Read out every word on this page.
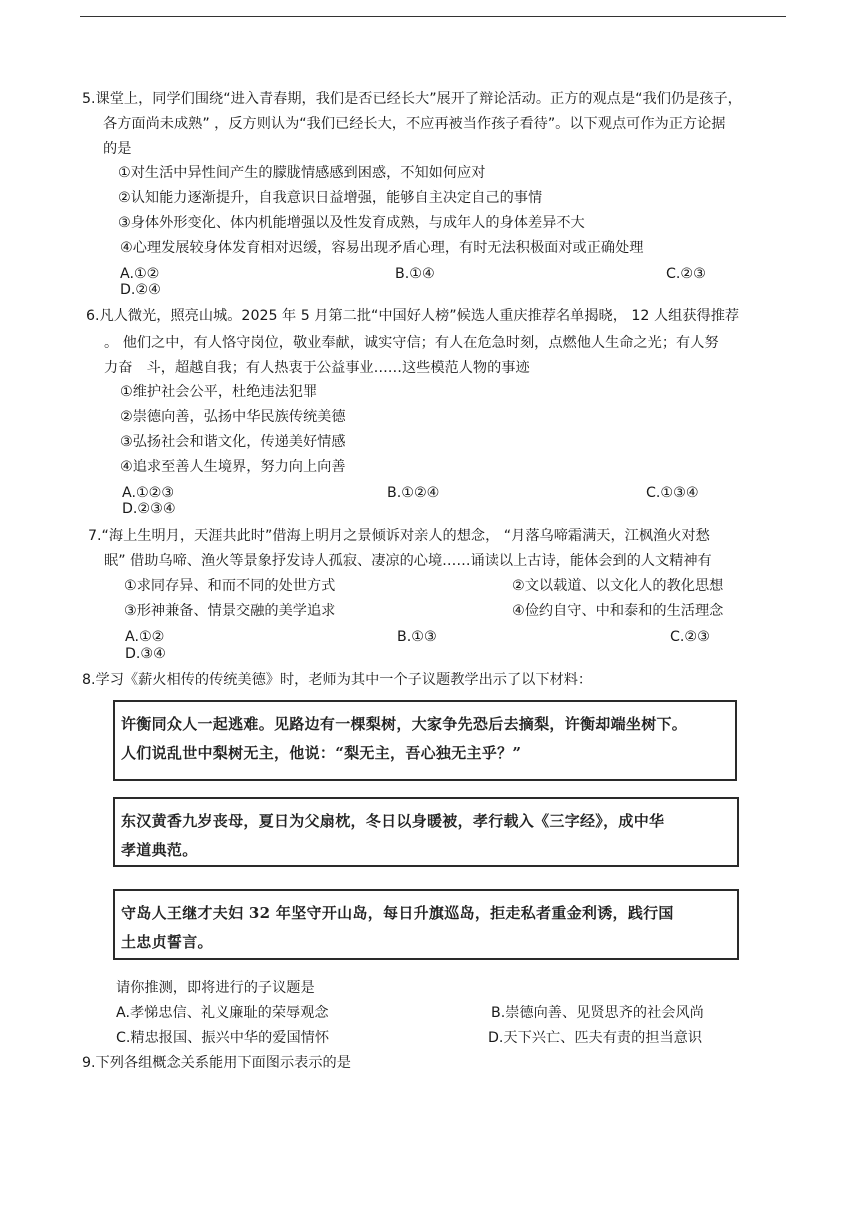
5.课堂上，同学们围绕“进入青春期，我们是否已经长大”展开了辩论活动。正方的观点是“我们仍是孩子，
各方面尚未成熟” ，反方则认为“我们已经长大，不应再被当作孩子看待”。以下观点可作为正方论据
的是
①对生活中异性间产生的朦胧情感感到困惑，不知如何应对
②认知能力逐渐提升，自我意识日益增强，能够自主决定自己的事情
③身体外形变化、体内机能增强以及性发育成熟，与成年人的身体差异不大
④心理发展较身体发育相对迟缓，容易出现矛盾心理，有时无法积极面对或正确处理
A.①②	B.①④	C.②③
D.②④
6.凡人微光，照亮山城。2025 年 5 月第二批“中国好人榜”候选人重庆推荐名单揭晓， 12 人组获得推荐
。 他们之中，有人恪守岗位，敬业奉献，诚实守信；有人在危急时刻，点燃他人生命之光；有人努
力奋　斗，超越自我；有人热衷于公益事业……这些模范人物的事迹
①维护社会公平，杜绝违法犯罪
②崇德向善，弘扬中华民族传统美德
③弘扬社会和谐文化，传递美好情感
④追求至善人生境界，努力向上向善
A.①②③	B.①②④	C.①③④
D.②③④
7.“海上生明月，天涯共此时”借海上明月之景倾诉对亲人的想念， “月落乌啼霜满天，江枫渔火对愁
眠” 借助乌啼、渔火等景象抒发诗人孤寂、凄凉的心境……诵读以上古诗，能体会到的人文精神有
①求同存异、和而不同的处世方式	②文以载道、以文化人的教化思想
③形神兼备、情景交融的美学追求	④俭约自守、中和泰和的生活理念
A.①②	B.①③	C.②③
D.③④
8.学习《薪火相传的传统美德》时，老师为其中一个子议题教学出示了以下材料：
许衡同众人一起逃难。见路边有一棵梨树，大家争先恐后去摘梨，许衡却端坐树下。
人们说乱世中梨树无主，他说：“梨无主，吾心独无主乎？”
东汉黄香九岁丧母，夏日为父扇枕，冬日以身暖被，孝行载入《三字经》，成中华
孝道典范。
守岛人王继才夫妇 32 年坚守开山岛，每日升旗巡岛，拒走私者重金利诱，践行国
土忠贞誓言。
请你推测，即将进行的子议题是
A.孝悌忠信、礼义廉耻的荣辱观念	B.崇德向善、见贤思齐的社会风尚
C.精忠报国、振兴中华的爱国情怀	D.天下兴亡、匹夫有责的担当意识
9.下列各组概念关系能用下面图示表示的是
